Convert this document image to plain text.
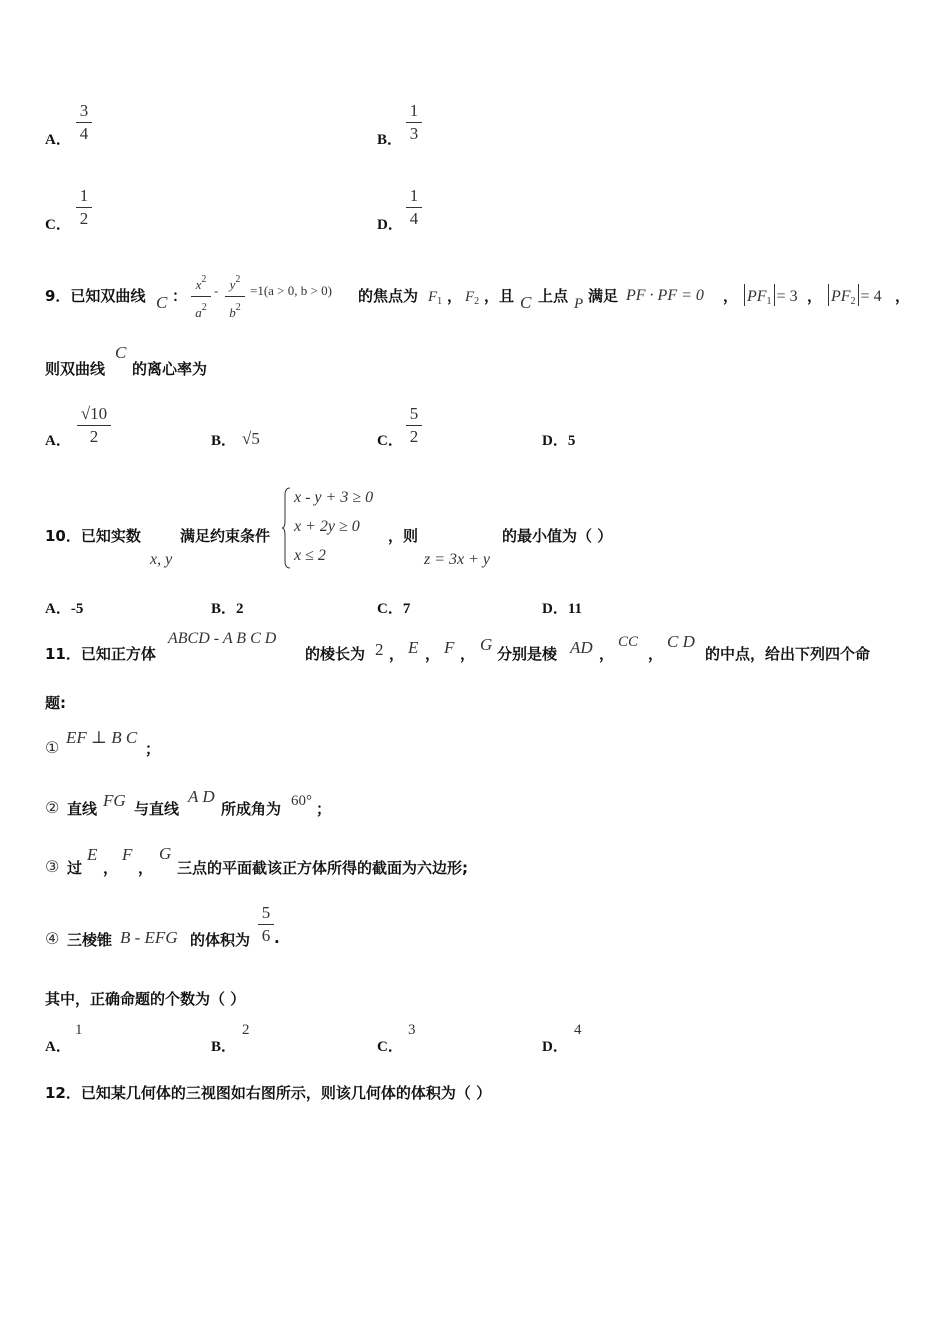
A．
3
4	B．
1
3
C．
1
2	D．
1
4
9．已知双曲线 C ：
$x^2$
$a^2$
- $y^2$
$b^2$
=1(a > 0, b > 0) 的焦点为 $F_1$ ， $F_2$ ，且 C 上点 P 满足 PF · PF = 0 ， $PF_1 = 3$ ， $PF_2 = 4$ ，
则双曲线
C
的离心率为
A．
√10
2	B． √5	C．
5
2	D．5
10．已知实数
x, y
满足约束条件
x - y + 3 ≥ 0
x + 2y ≥ 0
x ≤ 2
，则
z = 3x + y
的最小值为（ ）
A．-5	B．2	C．7	D．11
11．已知正方体
ABCD - A B C D
的棱长为 2 ， E ， F ， G 分别是棱 AD ，
CC
，
C D
的中点，给出下列四个命
题:
①
EF ⊥ B C
；
② 直线 FG 与直线
A D
所成角为 60° ；
③ 过
E
，
F
，
G
三点的平面截该正方体所得的截面为六边形;
④ 三棱锥 B - EFG 的体积为
5
6 .
其中，正确命题的个数为（ ）
A．
1
B．
2
C．
3
D．
4
12．已知某几何体的三视图如右图所示，则该几何体的体积为（ ）
